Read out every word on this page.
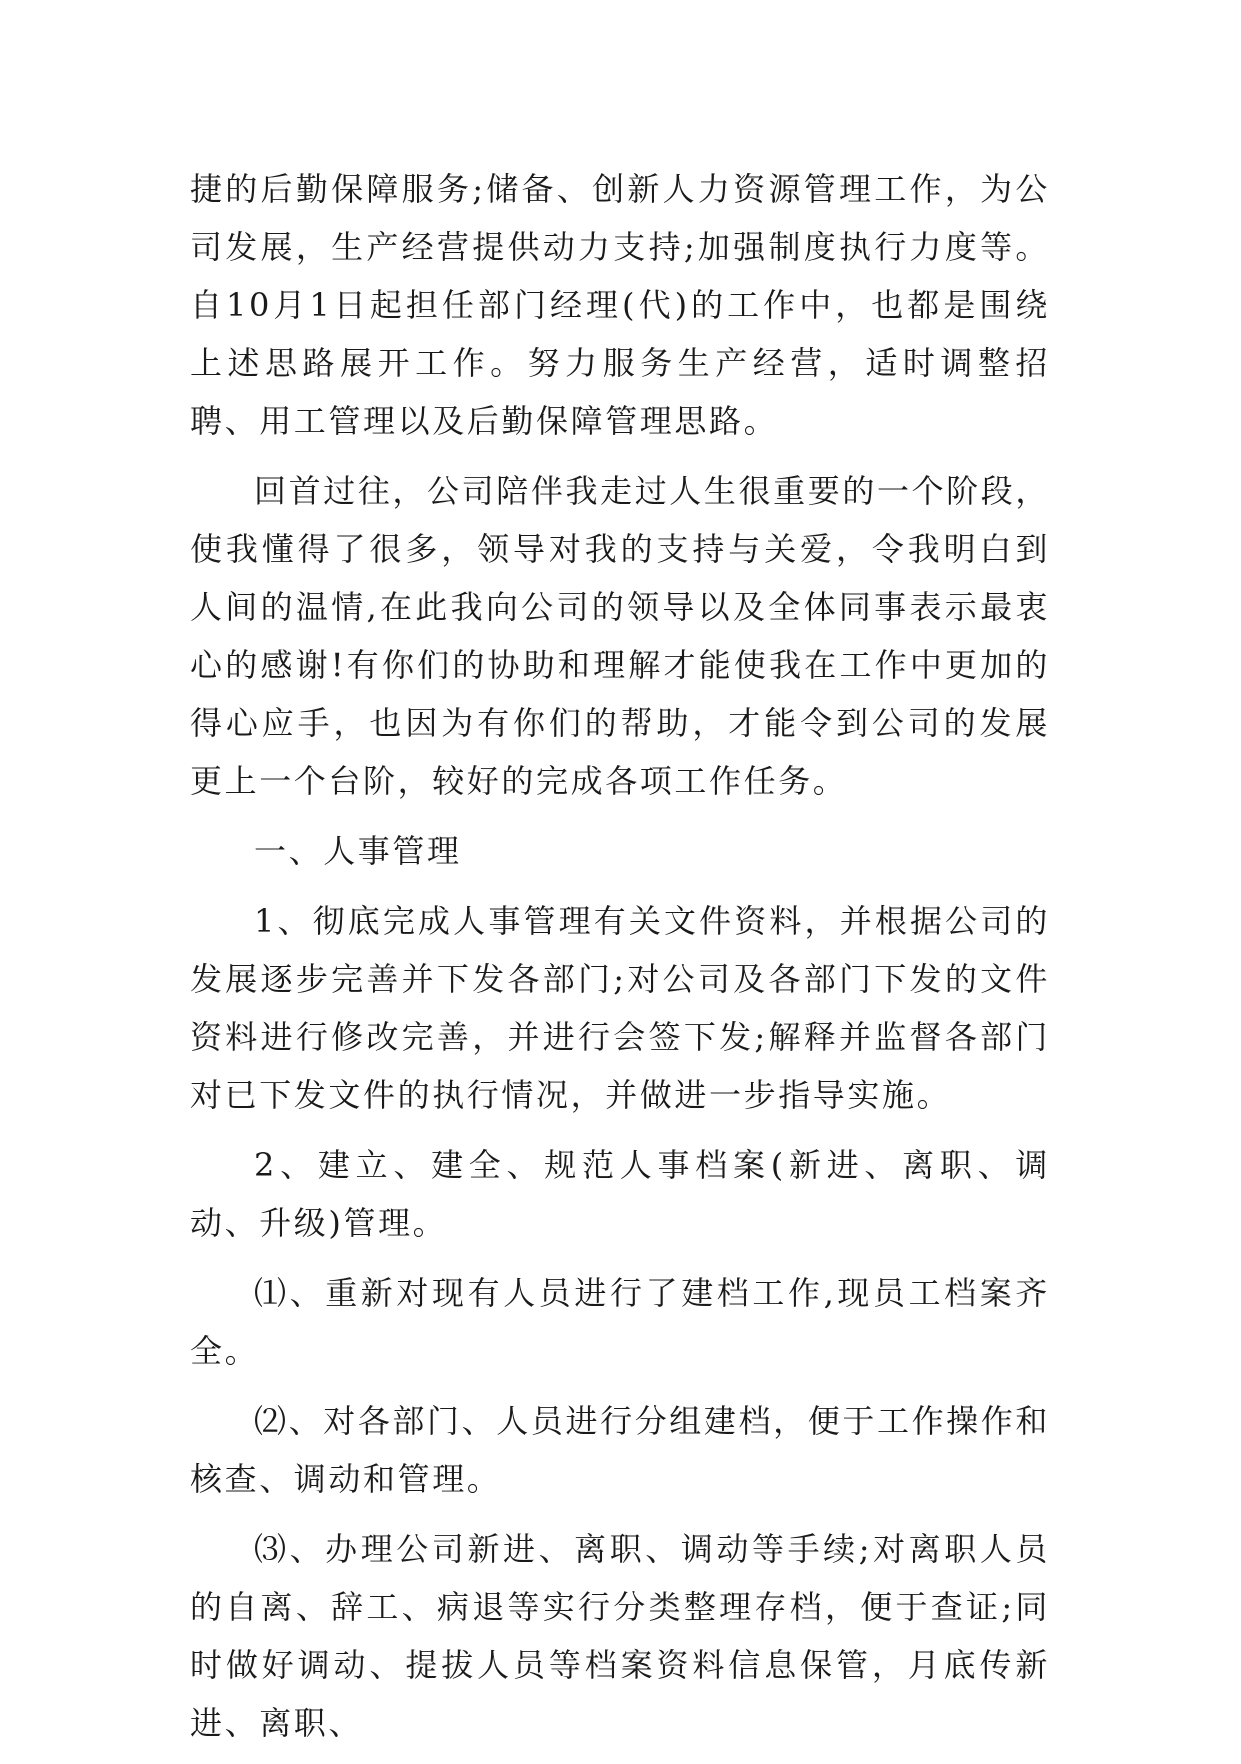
捷的后勤保障服务;储备、创新人力资源管理工作，为公司发展，生产经营提供动力支持;加强制度执行力度等。自10月1日起担任部门经理(代)的工作中，也都是围绕上述思路展开工作。努力服务生产经营，适时调整招聘、用工管理以及后勤保障管理思路。

回首过往，公司陪伴我走过人生很重要的一个阶段，使我懂得了很多，领导对我的支持与关爱，令我明白到人间的温情,在此我向公司的领导以及全体同事表示最衷心的感谢!有你们的协助和理解才能使我在工作中更加的得心应手，也因为有你们的帮助，才能令到公司的发展更上一个台阶，较好的完成各项工作任务。

一、人事管理

1、彻底完成人事管理有关文件资料，并根据公司的发展逐步完善并下发各部门;对公司及各部门下发的文件资料进行修改完善，并进行会签下发;解释并监督各部门对已下发文件的执行情况，并做进一步指导实施。

2、建立、建全、规范人事档案(新进、离职、调动、升级)管理。

⑴、重新对现有人员进行了建档工作,现员工档案齐全。

⑵、对各部门、人员进行分组建档，便于工作操作和核查、调动和管理。

⑶、办理公司新进、离职、调动等手续;对离职人员的自离、辞工、病退等实行分类整理存档，便于查证;同时做好调动、提拔人员等档案资料信息保管，月底传新进、离职、
